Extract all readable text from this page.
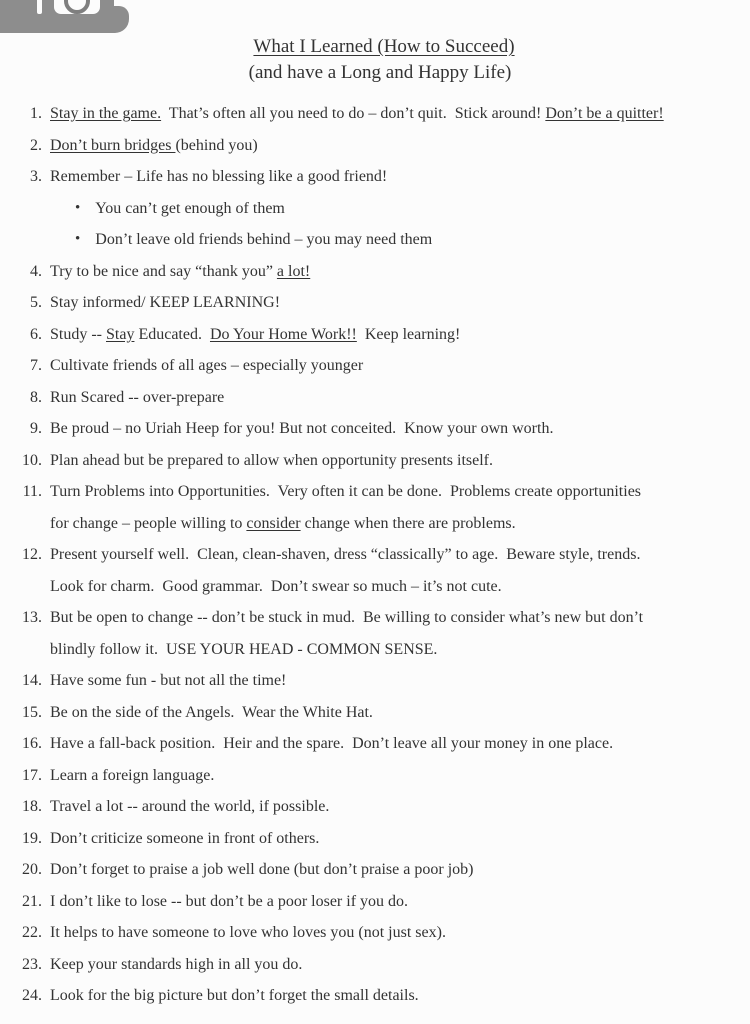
What I Learned (How to Succeed)
(and have a Long and Happy Life)
1. Stay in the game.  That’s often all you need to do – don’t quit.  Stick around! Don’t be a quitter!
2. Don’t burn bridges (behind you)
3. Remember – Life has no blessing like a good friend!
• You can’t get enough of them
• Don’t leave old friends behind – you may need them
4. Try to be nice and say “thank you” a lot!
5. Stay informed/ KEEP LEARNING!
6. Study -- Stay Educated.  Do Your Home Work!!  Keep learning!
7. Cultivate friends of all ages – especially younger
8. Run Scared -- over-prepare
9. Be proud – no Uriah Heep for you! But not conceited.  Know your own worth.
10. Plan ahead but be prepared to allow when opportunity presents itself.
11. Turn Problems into Opportunities.  Very often it can be done.  Problems create opportunities
for change – people willing to consider change when there are problems.
12. Present yourself well.  Clean, clean-shaven, dress “classically” to age.  Beware style, trends.
Look for charm.  Good grammar.  Don’t swear so much – it’s not cute.
13. But be open to change -- don’t be stuck in mud.  Be willing to consider what’s new but don’t
blindly follow it.  USE YOUR HEAD - COMMON SENSE.
14. Have some fun - but not all the time!
15. Be on the side of the Angels.  Wear the White Hat.
16. Have a fall-back position.  Heir and the spare.  Don’t leave all your money in one place.
17. Learn a foreign language.
18. Travel a lot -- around the world, if possible.
19. Don’t criticize someone in front of others.
20. Don’t forget to praise a job well done (but don’t praise a poor job)
21. I don’t like to lose -- but don’t be a poor loser if you do.
22. It helps to have someone to love who loves you (not just sex).
23. Keep your standards high in all you do.
24. Look for the big picture but don’t forget the small details.
